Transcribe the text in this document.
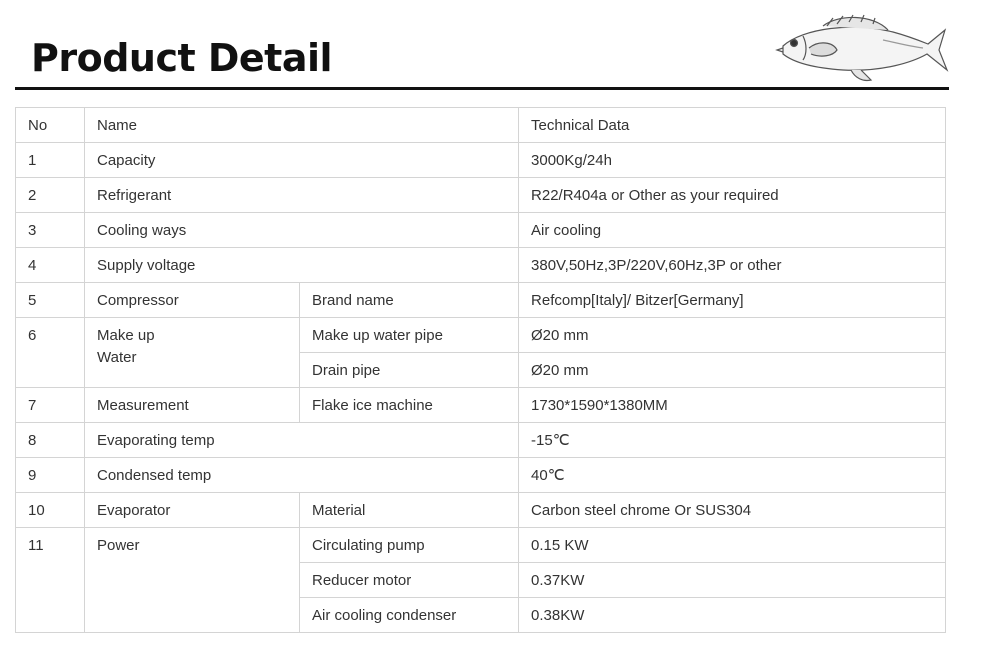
Product Detail
No	Name		Technical Data
1	Capacity		3000Kg/24h
2	Refrigerant		R22/R404a or Other as your required
3	Cooling ways		Air cooling
4	Supply voltage		380V,50Hz,3P/220V,60Hz,3P or other
5	Compressor	Brand name	Refcomp[Italy]/ Bitzer[Germany]
6	Make up
Water	Make up water pipe	Ø20 mm
		Drain pipe	Ø20 mm
7	Measurement	Flake ice machine	1730*1590*1380MM
8	Evaporating temp		-15℃
9	Condensed temp		40℃
10	Evaporator	Material	Carbon steel chrome Or SUS304
11	Power	Circulating pump	0.15 KW
		Reducer motor	0.37KW
		Air cooling condenser	0.38KW
